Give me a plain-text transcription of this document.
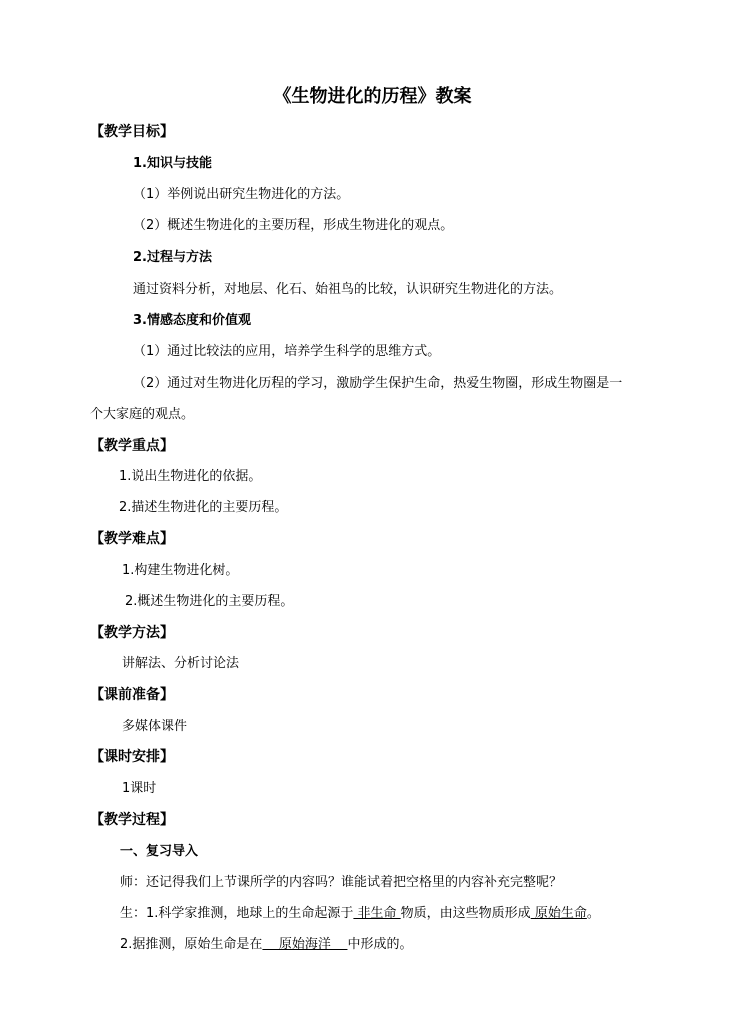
《生物进化的历程》教案
【教学目标】
1.知识与技能
（1）举例说出研究生物进化的方法。
（2）概述生物进化的主要历程，形成生物进化的观点。
2.过程与方法
通过资料分析，对地层、化石、始祖鸟的比较，认识研究生物进化的方法。
3.情感态度和价值观
（1）通过比较法的应用，培养学生科学的思维方式。
（2）通过对生物进化历程的学习，激励学生保护生命，热爱生物圈，形成生物圈是一
个大家庭的观点。
【教学重点】
1.说出生物进化的依据。
2.描述生物进化的主要历程。
【教学难点】
1.构建生物进化树。
2.概述生物进化的主要历程。
【教学方法】
讲解法、分析讨论法
【课前准备】
多媒体课件
【课时安排】
1课时
【教学过程】
一、复习导入
师：还记得我们上节课所学的内容吗？谁能试着把空格里的内容补充完整呢？
生：1.科学家推测，地球上的生命起源于 非生命 物质，由这些物质形成 原始生命。
2.据推测，原始生命是在    原始海洋    中形成的。
